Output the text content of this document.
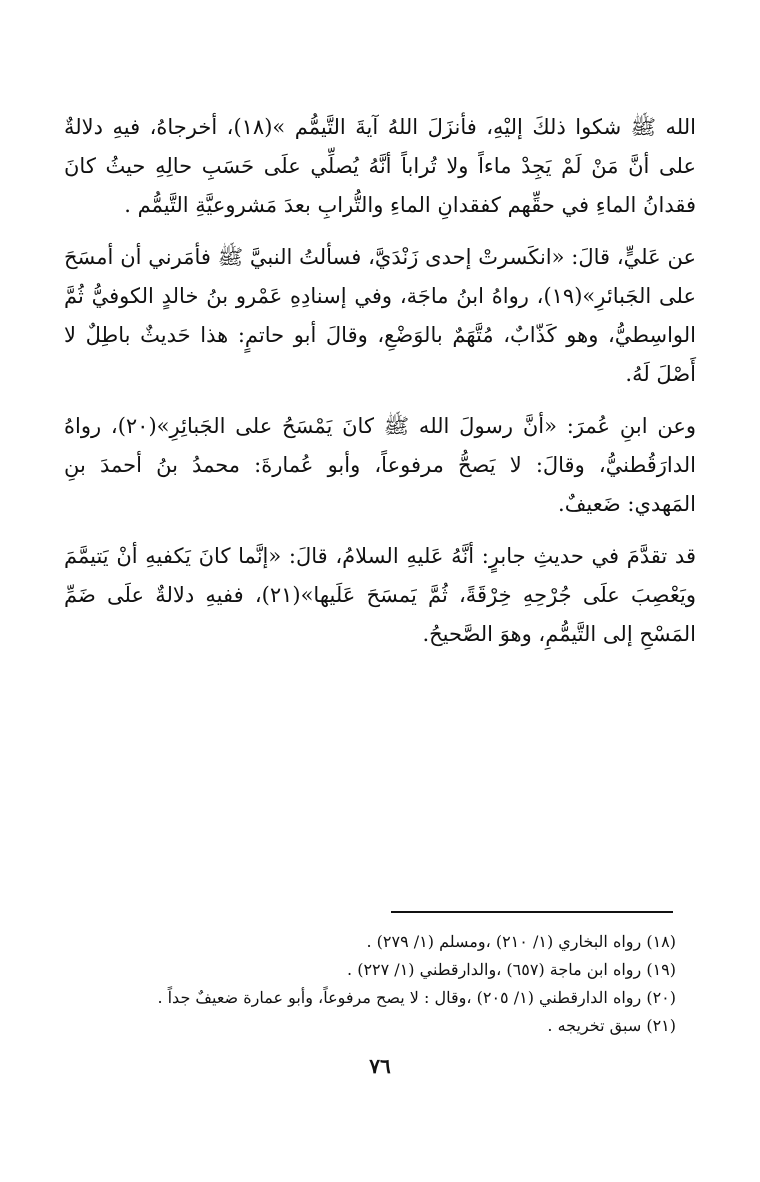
الله ﷺ شكوا ذلكَ إليْهِ، فأنزَلَ اللهُ آيةَ التَّيمُّم »(١٨)، أخرجاهُ، فيهِ دلالةٌ على أنَّ مَنْ لَمْ يَجِدْ ماءاً ولا تُراباً أنَّهُ يُصلِّي علَى حَسَبِ حالِهِ حيثُ كانَ فقدانُ الماءِ في حقِّهم كفقدانِ الماءِ والتُّرابِ بعدَ مَشروعيَّةِ التَّيمُّم .

عن عَليٍّ، قالَ: «انكَسرتْ إحدى زَنْدَيَّ، فسألتُ النبيَّ ﷺ فأمَرني أن أمسَحَ على الجَبائرِ»(١٩)، رواهُ ابنُ ماجَة، وفي إسنادِهِ عَمْرو بنُ خالدٍ الكوفيُّ ثُمَّ الواسِطيُّ، وهو كَذّابٌ، مُتَّهَمٌ بالوَضْعِ، وقالَ أبو حاتمٍ: هذا حَديثٌ باطِلٌ لا أَصْلَ لَهُ.

وعن ابنِ عُمرَ: «أنَّ رسولَ الله ﷺ كانَ يَمْسَحُ على الجَبائِرِ»(٢٠)، رواهُ الدارَقُطنيُّ، وقالَ: لا يَصحُّ مرفوعاً، وأبو عُمارةَ: محمدُ بنُ أحمدَ بنِ المَهدي: ضَعيفٌ.

قد تقدَّمَ في حديثِ جابرٍ: أنَّهُ عَليهِ السلامُ، قالَ: «إنَّما كانَ يَكفيهِ أنْ يَتيمَّمَ ويَعْصِبَ علَى جُرْحِهِ خِرْقَةً، ثُمَّ يَمسَحَ عَلَيها»(٢١)، ففيهِ دلالةٌ علَى ضَمِّ المَسْحِ إلى التَّيمُّمِ، وهوَ الصَّحيحُ.

(١٨) رواه البخاري (١/ ٢١٠) ،ومسلم (١/ ٢٧٩) .
(١٩) رواه ابن ماجة (٦٥٧) ،والدارقطني (١/ ٢٢٧) .
(٢٠) رواه الدارقطني (١/ ٢٠٥) ،وقال : لا يصح مرفوعاً، وأبو عمارة ضعيفٌ جداً .
(٢١) سبق تخريجه .
٧٦
